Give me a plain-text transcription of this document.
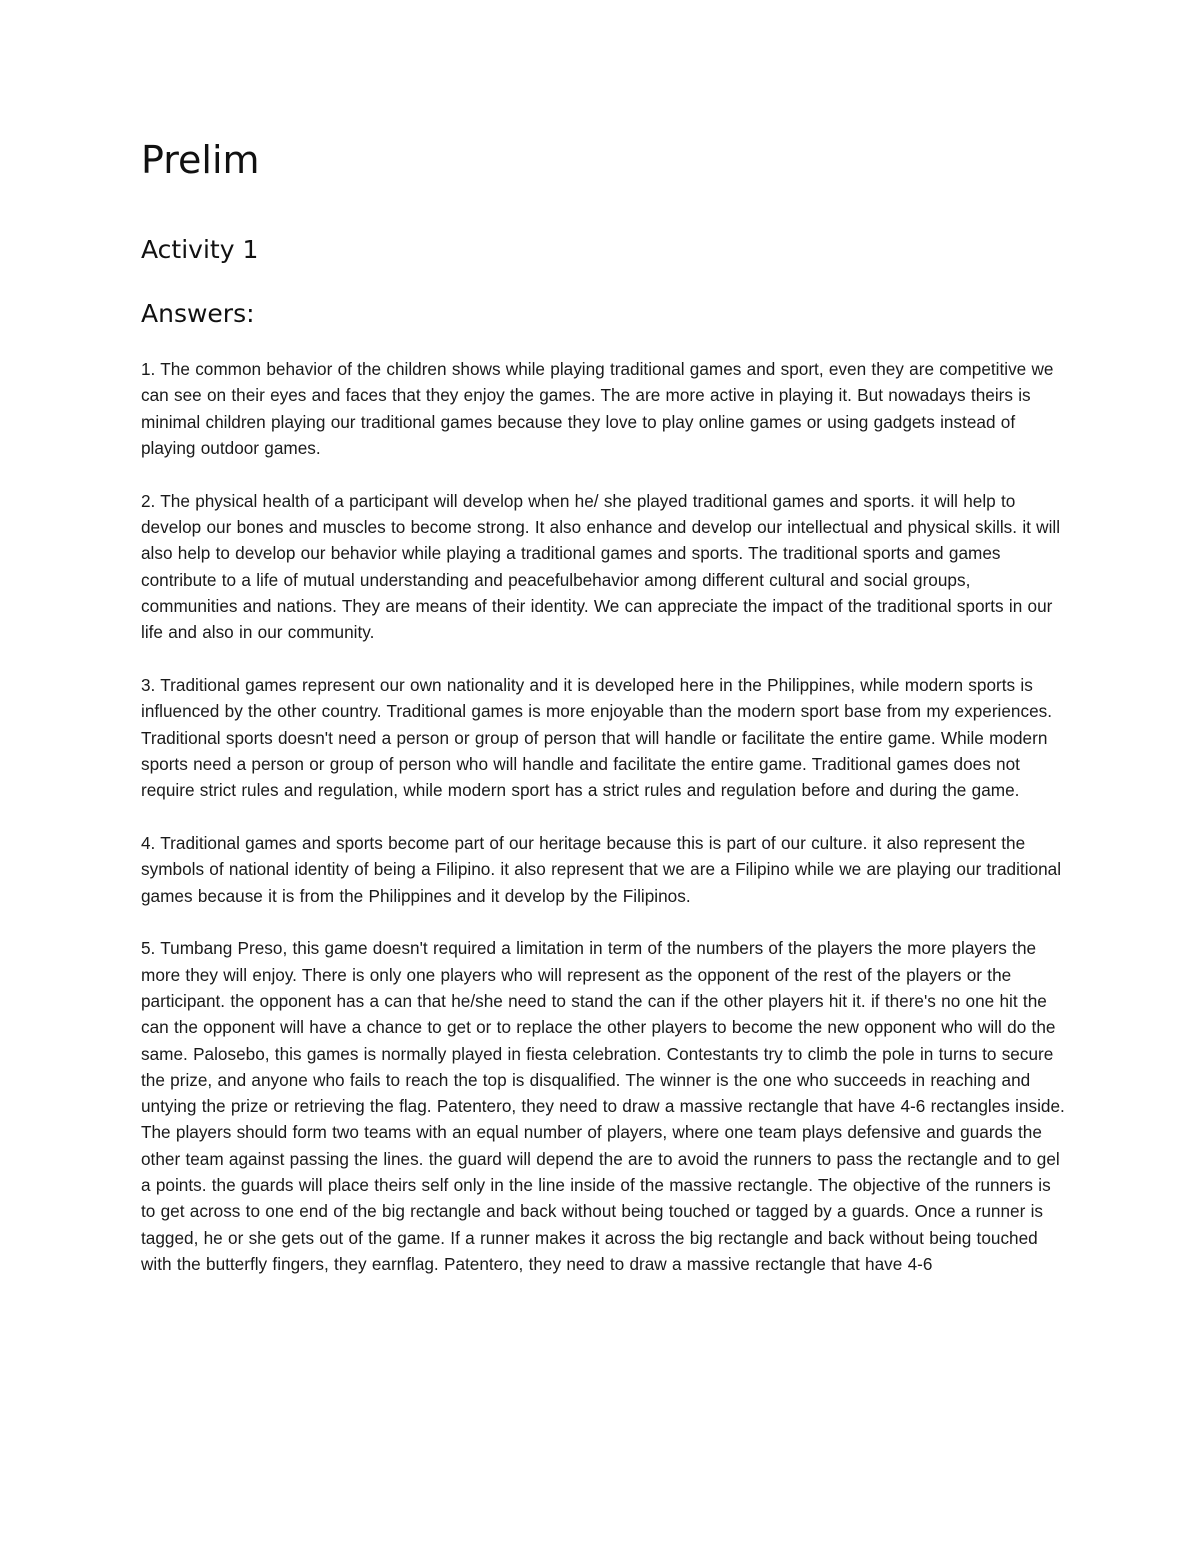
Prelim
Activity 1
Answers:

1. The common behavior of the children shows while playing traditional games and sport, even they are competitive we can see on their eyes and faces that they enjoy the games. The are more active in playing it. But nowadays theirs is minimal children playing our traditional games because they love to play online games or using gadgets instead of playing outdoor games.

2. The physical health of a participant will develop when he/ she played traditional games and sports. it will help to develop our bones and muscles to become strong. It also enhance and develop our intellectual and physical skills. it will also help to develop our behavior while playing a traditional games and sports. The traditional sports and games contribute to a life of mutual understanding and peacefulbehavior among different cultural and social groups, communities and nations. They are means of their identity. We can appreciate the impact of the traditional sports in our life and also in our community.

3. Traditional games represent our own nationality and it is developed here in the Philippines, while modern sports is influenced by the other country. Traditional games is more enjoyable than the modern sport base from my experiences. Traditional sports doesn't need a person or group of person that will handle or facilitate the entire game. While modern sports need a person or group of person who will handle and facilitate the entire game. Traditional games does not require strict rules and regulation, while modern sport has a strict rules and regulation before and during the game.

4. Traditional games and sports become part of our heritage because this is part of our culture. it also represent the symbols of national identity of being a Filipino. it also represent that we are a Filipino while we are playing our traditional games because it is from the Philippines and it develop by the Filipinos.

5. Tumbang Preso, this game doesn't required a limitation in term of the numbers of the players the more players the more they will enjoy. There is only one players who will represent as the opponent of the rest of the players or the participant. the opponent has a can that he/she need to stand the can if the other players hit it. if there's no one hit the can the opponent will have a chance to get or to replace the other players to become the new opponent who will do the same. Palosebo, this games is normally played in fiesta celebration. Contestants try to climb the pole in turns to secure the prize, and anyone who fails to reach the top is disqualified. The winner is the one who succeeds in reaching and untying the prize or retrieving the flag. Patentero, they need to draw a massive rectangle that have 4-6 rectangles inside. The players should form two teams with an equal number of players, where one team plays defensive and guards the other team against passing the lines. the guard will depend the are to avoid the runners to pass the rectangle and to gel a points. the guards will place theirs self only in the line inside of the massive rectangle. The objective of the runners is to get across to one end of the big rectangle and back without being touched or tagged by a guards. Once a runner is tagged, he or she gets out of the game. If a runner makes it across the big rectangle and back without being touched with the butterfly fingers, they earnflag. Patentero, they need to draw a massive rectangle that have 4-6
